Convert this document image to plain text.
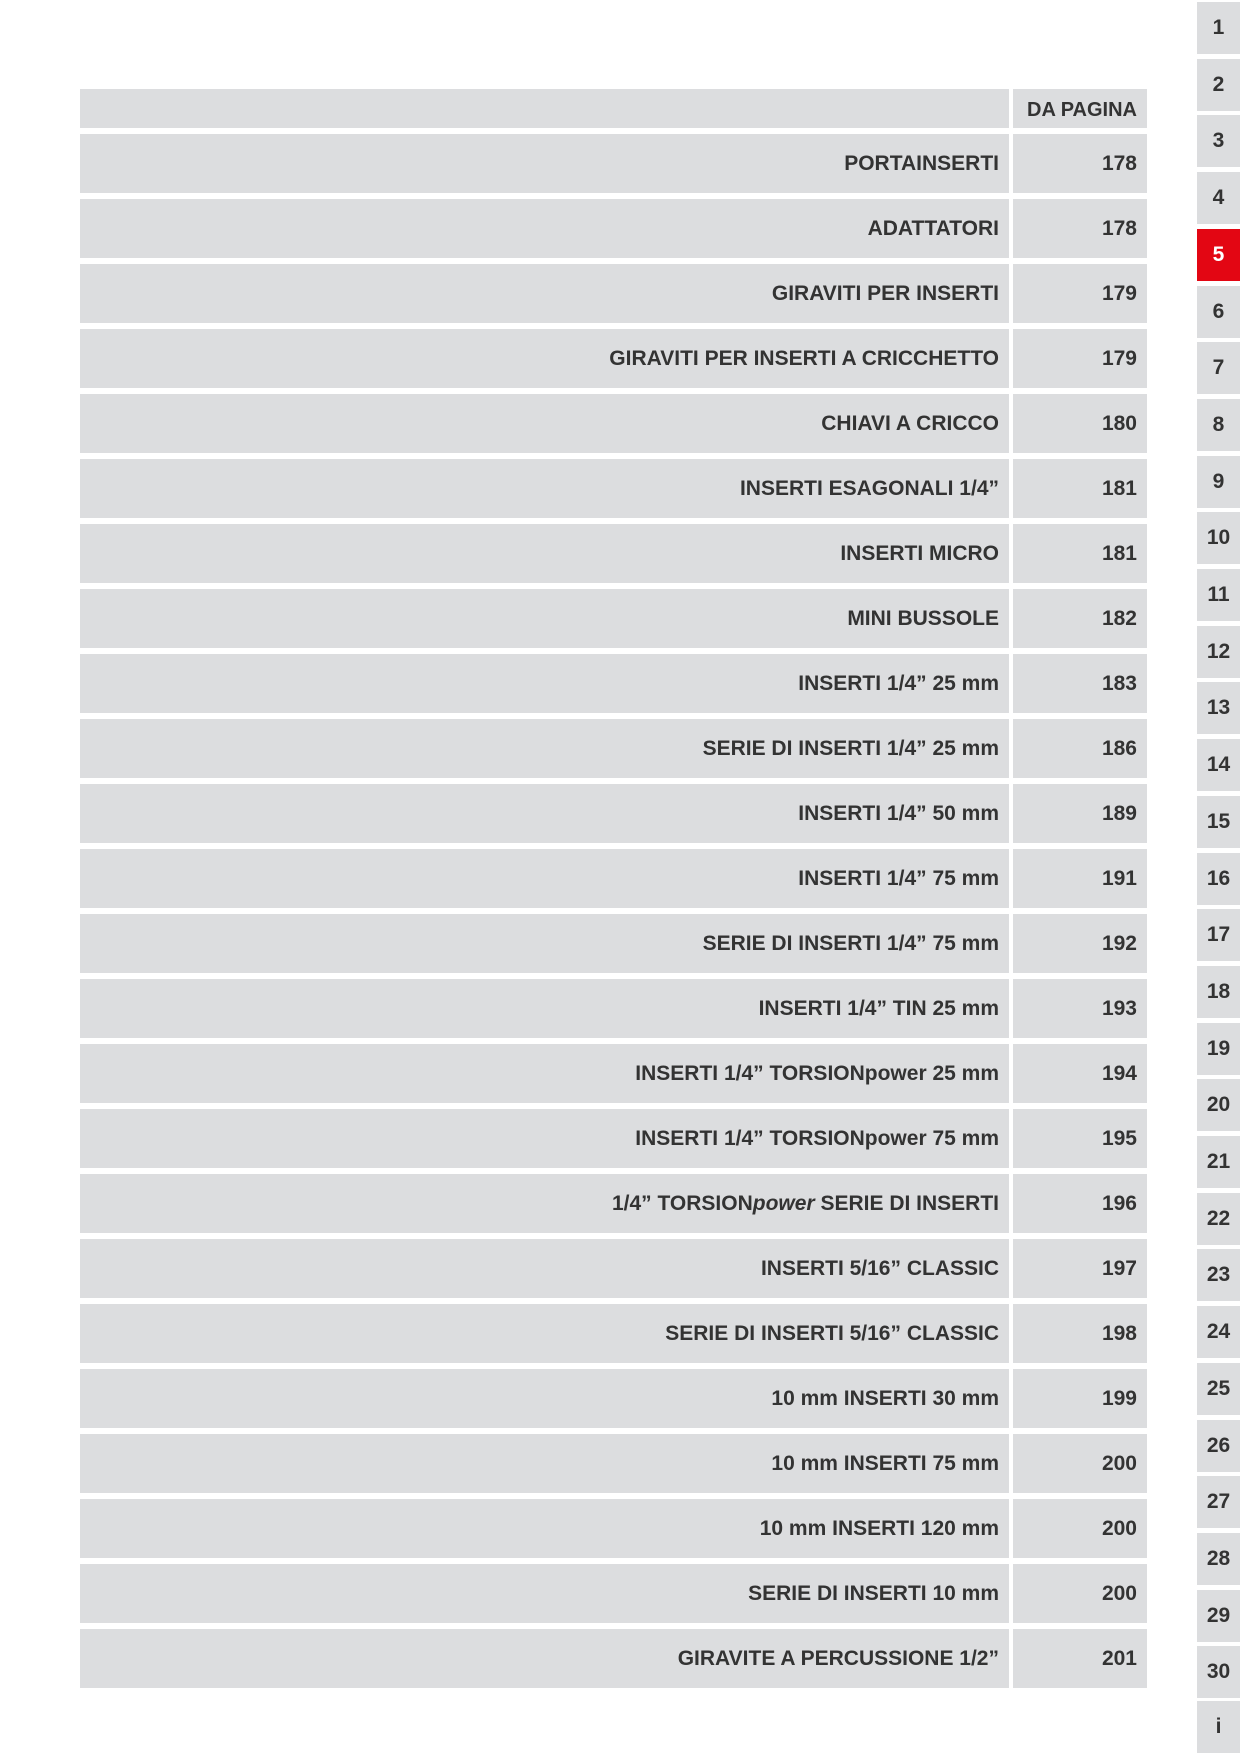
DA PAGINA
PORTAINSERTI	178
ADATTATORI	178
GIRAVITI PER INSERTI	179
GIRAVITI PER INSERTI A CRICCHETTO	179
CHIAVI A CRICCO	180
INSERTI ESAGONALI 1/4”	181
INSERTI MICRO	181
MINI BUSSOLE	182
INSERTI 1/4” 25 mm	183
SERIE DI INSERTI 1/4” 25 mm	186
INSERTI 1/4” 50 mm	189
INSERTI 1/4” 75 mm	191
SERIE DI INSERTI 1/4” 75 mm	192
INSERTI 1/4” TIN 25 mm	193
INSERTI 1/4” TORSIONpower 25 mm	194
INSERTI 1/4” TORSIONpower 75 mm	195
1/4” TORSION power SERIE DI INSERTI	196
INSERTI 5/16” CLASSIC	197
SERIE DI INSERTI 5/16” CLASSIC	198
10 mm INSERTI 30 mm	199
10 mm INSERTI 75 mm	200
10 mm INSERTI 120 mm	200
SERIE DI INSERTI 10 mm	200
GIRAVITE A PERCUSSIONE 1/2”	201
1
2
3
4
5
6
7
8
9
10
11
12
13
14
15
16
17
18
19
20
21
22
23
24
25
26
27
28
29
30
i
